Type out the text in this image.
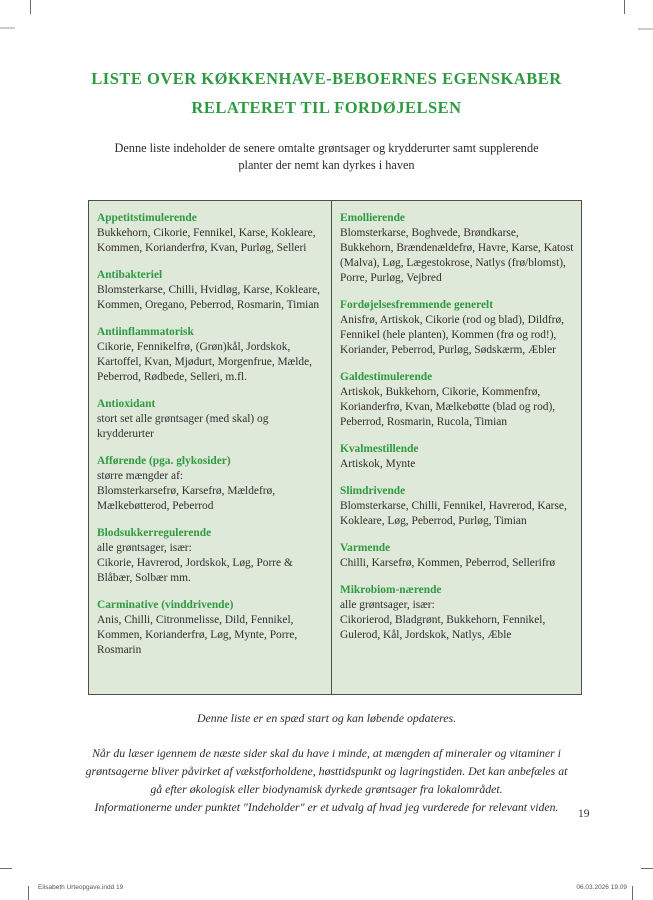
LISTE OVER KØKKENHAVE-BEBOERNES EGENSKABER
RELATERET TIL FORDØJELSEN
Denne liste indeholder de senere omtalte grøntsager og krydderurter samt supplerende planter der nemt kan dyrkes i haven
Appetitstimulerende
Bukkehorn, Cikorie, Fennikel, Karse, Kokleare, Kommen, Korianderfrø, Kvan, Purløg, Selleri
Antibakteriel
Blomsterkarse, Chilli, Hvidløg, Karse, Kokleare, Kommen, Oregano, Peberrod, Rosmarin, Timian
Antiinflammatorisk
Cikorie, Fennikelfrø, (Grøn)kål, Jordskok, Kartoffel, Kvan, Mjødurt, Morgenfrue, Mælde, Peberrod, Rødbede, Selleri, m.fl.
Antioxidant
stort set alle grøntsager (med skal) og krydderurter
Afførende (pga. glykosider)
større mængder af:
Blomsterkarsefrø, Karsefrø, Mældefrø, Mælkebøtterod, Peberrod
Blodsukkerregulerende
alle grøntsager, især:
Cikorie, Havrerod, Jordskok, Løg, Porre & Blåbær, Solbær mm.
Carminative (vinddrivende)
Anis, Chilli, Citronmelisse, Dild, Fennikel, Kommen, Korianderfrø, Løg, Mynte, Porre, Rosmarin
Emollierende
Blomsterkarse, Boghvede, Brøndkarse, Bukkehorn, Brændenældefrø, Havre, Karse, Katost (Malva), Løg, Lægestokrose, Natlys (frø/blomst), Porre, Purløg, Vejbred
Fordøjelsesfremmende generelt
Anisfrø, Artiskok, Cikorie (rod og blad), Dildfrø, Fennikel (hele planten), Kommen (frø og rod!), Koriander, Peberrod, Purløg, Sødskærm, Æbler
Galdestimulerende
Artiskok, Bukkehorn, Cikorie, Kommenfrø, Korianderfrø, Kvan, Mælkebøtte (blad og rod), Peberrod, Rosmarin, Rucola, Timian
Kvalmestillende
Artiskok, Mynte
Slimdrivende
Blomsterkarse, Chilli, Fennikel, Havrerod, Karse, Kokleare, Løg, Peberrod, Purløg, Timian
Varmende
Chilli, Karsefrø, Kommen, Peberrod, Sellerifrø
Mikrobiom-nærende
alle grøntsager, især:
Cikorierod, Bladgrønt, Bukkehorn, Fennikel, Gulerod, Kål, Jordskok, Natlys, Æble
Denne liste er en spæd start og kan løbende opdateres.
Når du læser igennem de næste sider skal du have i minde, at mængden af mineraler og vitaminer i
grøntsagerne bliver påvirket af vækstforholdene, høsttidspunkt og lagringstiden. Det kan anbefæles at
gå efter økologisk eller biodynamisk dyrkede grøntsager fra lokalområdet.
Informationerne under punktet "Indeholder" er et udvalg af hvad jeg vurderede for relevant viden.	19
Elisabeth Urteopgave.indd 19	06.03.2026 19.09
